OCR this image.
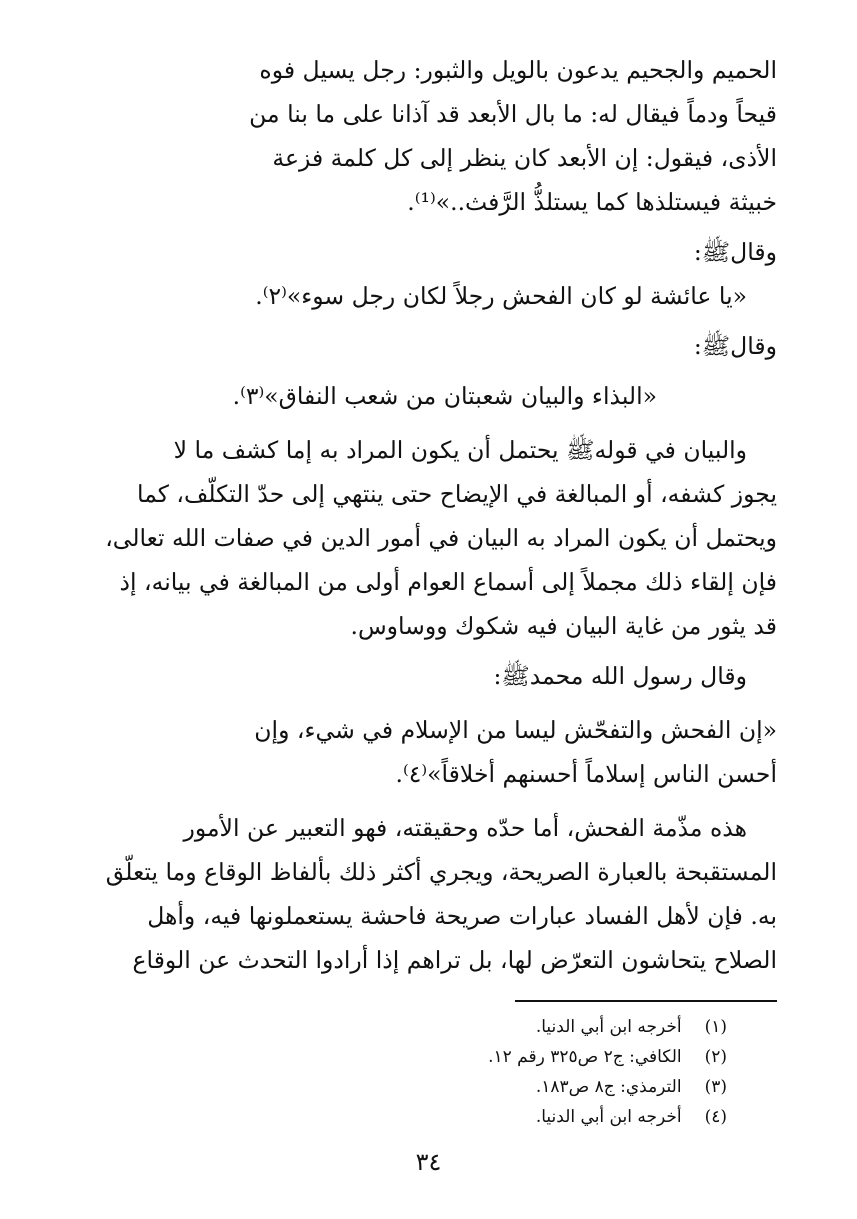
الحميم والجحيم يدعون بالويل والثبور: رجل يسيل فوه
قيحاً ودماً فيقال له: ما بال الأبعد قد آذانا على ما بنا من
الأذى، فيقول: إن الأبعد كان ينظر إلى كل كلمة فزعة
خبيثة فيستلذها كما يستلذُّ الرَّفث..»⁽¹⁾.
وقالﷺ:
«يا عائشة لو كان الفحش رجلاً لكان رجل سوء»⁽٢⁾.
وقالﷺ:
«البذاء والبيان شعبتان من شعب النفاق»⁽٣⁾.
والبيان في قولهﷺ يحتمل أن يكون المراد به إما كشف ما لا
يجوز كشفه، أو المبالغة في الإيضاح حتى ينتهي إلى حدّ التكلّف، كما
ويحتمل أن يكون المراد به البيان في أمور الدين في صفات الله تعالى،
فإن إلقاء ذلك مجملاً إلى أسماع العوام أولى من المبالغة في بيانه، إذ
قد يثور من غاية البيان فيه شكوك ووساوس.
وقال رسول الله محمدﷺ:
«إن الفحش والتفحّش ليسا من الإسلام في شيء، وإن
أحسن الناس إسلاماً أحسنهم أخلاقاً»⁽٤⁾.
هذه مذّمة الفحش، أما حدّه وحقيقته، فهو التعبير عن الأمور
المستقبحة بالعبارة الصريحة، ويجري أكثر ذلك بألفاظ الوقاع وما يتعلّق
به. فإن لأهل الفساد عبارات صريحة فاحشة يستعملونها فيه، وأهل
الصلاح يتحاشون التعرّض لها، بل تراهم إذا أرادوا التحدث عن الوقاع
(١) أخرجه ابن أبي الدنيا.
(٢) الكافي: ج٢ ص٣٢٥ رقم ١٢.
(٣) الترمذي: ج٨ ص١٨٣.
(٤) أخرجه ابن أبي الدنيا.
٣٤
